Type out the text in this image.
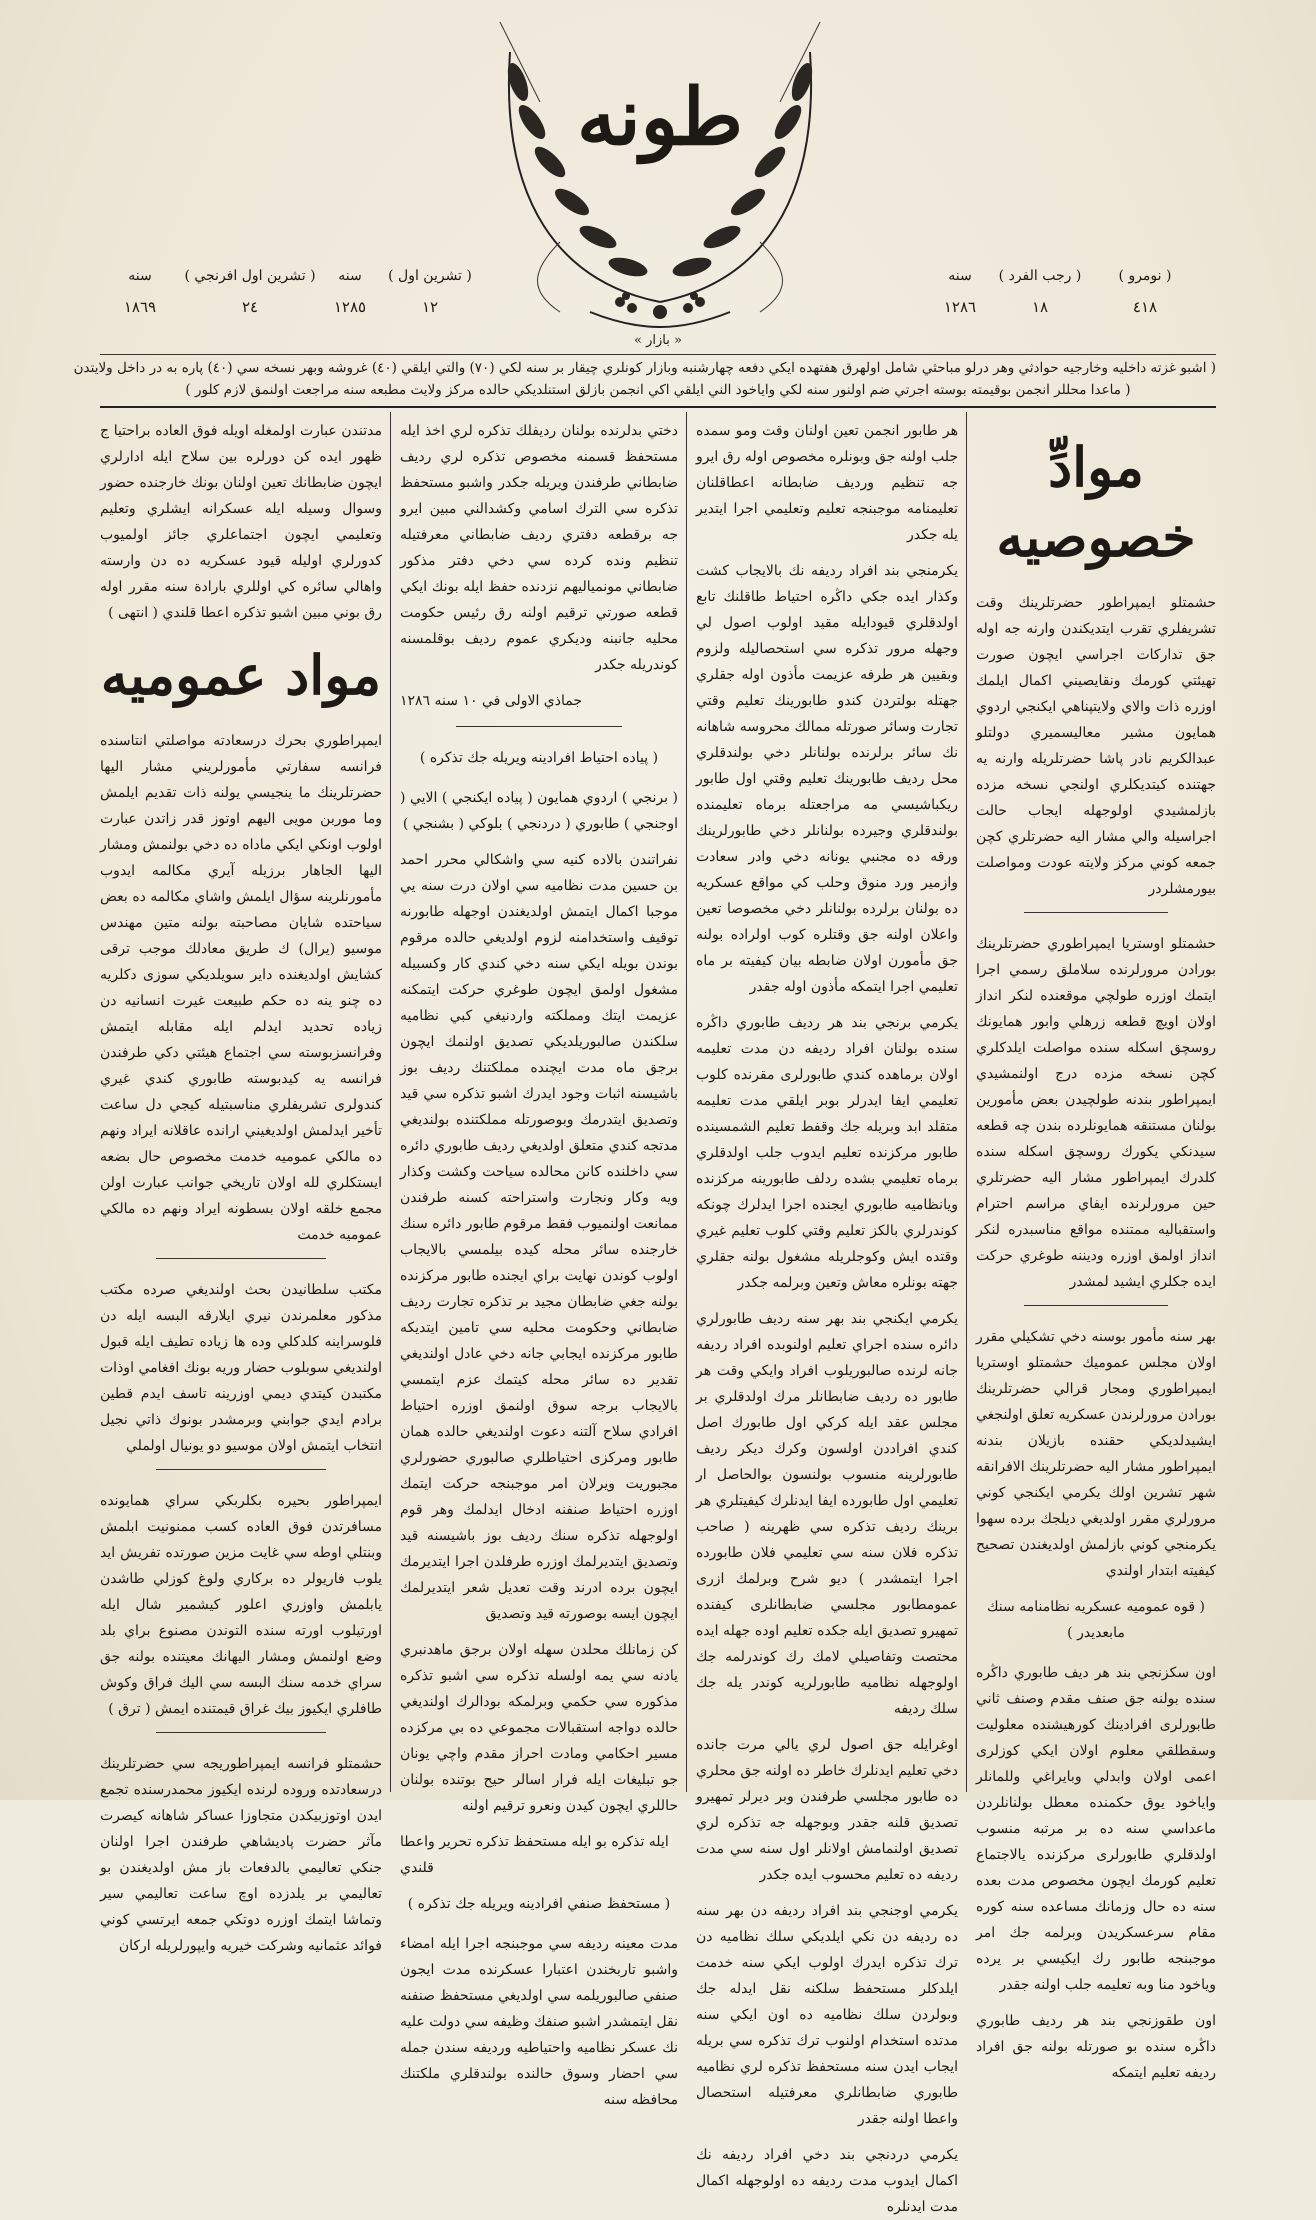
طونه
( نومرو )
٤١٨
( رجب الفرد )
١٨
سنه
١٢٨٦
( تشرين اول )
١٢
سنه
١٢٨٥
( تشرين اول افرنجي )
٢٤
سنه
١٨٦٩
« بازار »
( اشبو غزته داخليه وخارجيه حوادثي وهر درلو مباحثي شامل اولهرق هفتهده ايكي دفعه چهارشنبه وبازار كونلري چيقار بر سنه لكي (٧٠) والتي ايلقي (٤٠) غروشه وبهر نسخه سي (٤٠) پاره به در داخل ولايتدن
( ماعدا محللر انجمن بوقيمته بوسته اجرتي ضم اولنور سنه لكي واياخود الني ايلقي اكي انجمن بازلق استنلديكي حالده مركز ولايت مطبعه سنه مراجعت اولنمق لازم كلور )
موادِّ خصوصيه

حشمتلو ايمپراطور حضرتلرينك وقت تشريفلري تقرب ايتديكندن وارنه جه اوله جق تداركات اجراسي ايچون صورت تهيئتي كورمك ونقايصيني اكمال ايلمك اوزره ذات والاي ولايتپناهي ايكنجي اردوي همايون مشير معاليسميري دولتلو عبدالكريم نادر پاشا حضرتلريله وارنه يه جهتنده كيتديكلري اولنجي نسخه مزده بازلمشيدي اولوجهله ايجاب حالت اجراسيله والي مشار اليه حضرتلري كچن جمعه كوني مركز ولايته عودت ومواصلت بيورمشلردر

حشمتلو اوستريا ايمپراطوري حضرتلرينك بورادن مرورلرنده سلاملق رسمي اجرا ايتمك اوزره طولچي موقعنده لنكر انداز اولان اويچ قطعه زرهلي وابور همايونك روسچق اسكله سنده مواصلت ايلدكلري كچن نسخه مزده درج اولنمشيدي ايمپراطور بندنه طولچيدن بعض مأمورين بولنان مستنقه همايونلرده بندن چه قطعه سيدنكي يكورك روسچق اسكله سنده كلدرك ايمپراطور مشار اليه حضرتلري حين مرورلرنده ايفاي مراسم احترام واستقباليه ممتنده مواقع مناسبدره لنكر انداز اولمق اوزره وديننه طوغري حركت ايده جكلري ايشيد لمشدر

بهر سنه مأمور بوسنه دخي تشكيلي مقرر اولان مجلس عموميك حشمتلو اوستريا ايمپراطوري ومجار قرالي حضرتلرينك بورادن مرورلرندن عسكريه تعلق اولنجغي ايشيدلديكي حقنده بازيلان بندنه ايمپراطور مشار اليه حضرتلرينك الافرانقه شهر تشرين اولك يكرمي ايكنجي كوني مرورلري مقرر اولديغي ديلجك برده سهوا يكرمنجي كوني بازلمش اولديغندن تصحيح كيفيته ابتدار اولندي

( قوه عموميه عسكريه نظامنامه سنك مابعديدر )

اون سكزنجي بند هر ديف طابوري داڭره سنده بولنه جق صنف مقدم وصنف ثاني طابورلرى افرادينك كورهيشنده معلوليت وسقطلقي معلوم اولان ايكي كوزلرى اعمى اولان وابدلي وبايراغي وللمانلر واياخود يوق حكمنده معطل بولنانلردن ماعداسي سنه ده بر مرتبه منسوب اولدقلري طابورلرى مركزنده يالاجتماع تعليم كورمك ايچون مخصوص مدت بعده سنه ده حال وزمانك مساعده سنه كوره مقام سرعسكريدن وبرلمه جك امر موجبنجه طابور رك ايكيسي بر يرده وياخود منا وبه تعليمه جلب اولنه جقدر

اون طقوزنجي بند هر رديف طابوري داڭره سنده بو صورتله بولنه جق افراد رديفه تعليم ايتمكه

هر طابور انجمن تعين اولنان وقت ومو سمده جلب اولنه جق وبونلره مخصوص اوله رق ايرو جه تنظيم ورديف ضابطانه اعطاقلنان تعليمنامه موجبنجه تعليم وتعليمي اجرا ايتدير يله جكدر

يكرمنجي بند افراد رديفه نك بالايجاب كشت وكذار ايده جكي داڭره احتياط طاقلنك تابع اولدقلري قيودايله مقيد اولوب اصول لي وجهله مرور تذكره سي استحصاليله ولزوم وبقيين هر طرفه عزيمت مأذون اوله جقلري جهتله بولتردن كندو طابورينك تعليم وقتي تجارت وسائر صورتله ممالك محروسه شاهانه نك سائر برلرنده بولنانلر دخي بولندقلري محل رديف طابورينك تعليم وقتي اول طابور ريكباشيسي مه مراجعتله برماه تعليمنده بولندقلري وجيرده بولنانلر دخي طابورلرينك ورقه ده مجنبي يونانه دخي وادر سعادت وازمير ورد منوق وحلب كي مواقع عسكريه ده بولنان برلرده بولنانلر دخي مخصوصا تعين واعلان اولنه جق وقتلره كوب اولراده بولنه جق مأمورن اولان ضابطه بيان كيفيته بر ماه تعليمي اجرا ايتمكه مأذون اوله جقدر

يكرمي برنجي بند هر رديف طابوري داڭره سنده بولنان افراد رديفه دن مدت تعليمه اولان برماهده كندي طابورلرى مقرنده كلوب تعليمي ايفا ايدرلر بوبر ايلقي مدت تعليمه متقلد ابد وبريله جك وقفط تعليم الشمسينده طابور مركزنده تعليم ايدوب جلب اولدقلري برماه تعليمي بشده ردلف طابورينه مركزنده ويانظاميه طابوري ايجنده اجرا ايدلرك چونكه كوندرلري بالكز تعليم وقتي كلوب تعليم غيري وقتده ايش وكوجلريله مشغول بولنه جقلري جهته بونلره معاش وتعين وبرلمه جكدر

يكرمي ايكنجي بند بهر سنه رديف طابورلري دائره سنده اجراي تعليم اولنوبده افراد رديفه جانه لرنده صالبوريلوب افراد وايكي وقت هر طابور ده رديف ضابطانلر مرك اولدقلري بر مجلس عقد ايله كركي اول طابورك اصل كندي افراددن اولسون وكرك ديكر رديف طابورلرينه منسوب بولنسون بوالحاصل ار تعليمي اول طابورده ايفا ايدنلرك كيفيتلري هر برينك رديف تذكره سي ظهرينه ( صاحب تذكره فلان سنه سي تعليمي فلان طابورده اجرا ايتمشدر ) ديو شرح وبرلمك ازرى عمومطابور مجلسي ضابطانلرى كيفنده تمهيرو تصديق ايله جكده تعليم اوده جهله ايده محتصت وتفاصيلي لامك رك كوندرلمه جك اولوجهله نظاميه طابورلريه كوندر يله جك سلك رديفه

اوغرايله جق اصول لري يالي مرت جانده دخي تعليم ايدنلرك خاطر ده اولنه جق محلري ده طابور مجلسي طرفندن وبر ديرلر تمهيرو تصديق قلنه جقدر وبوجهله جه تذكره لري تصديق اولنمامش اولانلر اول سنه سي مدت رديفه ده تعليم محسوب ايده جكدر

يكرمي اوجنجي بند افراد رديفه دن بهر سنه ده رديفه دن نكي ايلديكي سلك نظاميه دن ترك تذكره ايدرك اولوب ايكي سنه خدمت ايلدكلر مستحفظ سلكنه نقل ايدله جك وبولردن سلك نظاميه ده اون ايكي سنه مدتده استخدام اولنوب ترك تذكره سي بريله ايجاب ايدن سنه مستحفظ تذكره لري نظاميه طابوري ضابطانلري معرفتيله استحصال واعطا اولنه جقدر

يكرمي دردنجي بند دخي افراد رديفه نك اكمال ايدوب مدت رديفه ده اولوجهله اكمال مدت ايدنلره

دختي بدلرنده بولنان رديفلك تذكره لري اخذ ايله مستحفظ قسمنه مخصوص تذكره لري رديف ضابطاني طرفندن ويريله جكدر واشبو مستحفظ تذكره سي الترك اسامي وكشدالني مبين ايرو جه برقطعه دفتري رديف ضابطاني معرفتيله تنظيم ونده كرده سي دخي دفتر مذكور ضابطاني مونمياليهم نزدنده حفظ ايله بونك ايكي قطعه صورتي ترقيم اولنه رق رئيس حكومت محليه جانبنه وديكري عموم رديف بوقلمسنه كوندريله جكدر

جماذي الاولى في ١٠ سنه ١٢٨٦
( پياده احتياط افرادينه ويريله جك تذكره )

( برنجي ) اردوي همايون ( پياده ايكنجي ) الايي ( اوجنجي ) طابوري ( دردنجي ) بلوكي ( بشنجي )

نفراتندن بالاده كنيه سي واشكالي محرر احمد بن حسين مدت نظاميه سي اولان درت سنه يي موجبا اكمال ايتمش اولديغندن اوجهله طابورنه توقيف واستخدامنه لزوم اولديغي حالده مرقوم بوندن بويله ايكي سنه دخي كندي كار وكسبيله مشغول اولمق ايچون طوغري حركت ايتمكنه عزيمت ايتك ومملكته واردنيغي كبي نظاميه سلكندن صالبوريلديكي تصديق اولنمك ايچون برجق ماه مدت ايچنده مملكتنك رديف بوز باشيسنه اثبات وجود ايدرك اشبو تذكره سي قيد وتصديق ايتدرمك وبوصورتله مملكتنده بولنديغي مدتجه كندي متعلق اولديغي رديف طابوري دائره سي داخلنده كانن محالده سياحت وكشت وكذار ويه وكار ونجارت واستراحته كسنه طرفندن ممانعت اولنميوب فقط مرقوم طابور دائره سنك خارجنده سائر محله كيده بيلمسي بالايجاب اولوب كوندن نهايت براي ايجنده طابور مركزنده بولنه جغي ضابطان مجيد بر تذكره تجارت رديف ضابطاني وحكومت محليه سي تامين ايتديكه طابور مركزنده ايجابي جانه دخي عادل اولنديغي تقدير ده سائر محله كيتمك عزم ايتمسي بالايجاب برجه سوق اولنمق اوزره احتياط افرادي سلاح آلتنه دعوت اولنديغي حالده همان طابور ومركزى احتياطلري صالبوري حضورلري مجبوريت ويرلان امر موجبنجه حركت ايتمك اوزره احتياط صنفنه ادخال ايدلمك وهر قوم اولوجهله تذكره سنك رديف بوز باشيسنه قيد وتصديق ايتديرلمك اوزره طرفلدن اجرا ايتديرمك ايچون برده ادرند وقت تعديل شعر ايتديرلمك ايچون ايسه بوصورته قيد وتصديق

كن زمانلك محلدن سهله اولان برجق ماهدنبري يادنه سي يمه اولسله تذكره سي اشبو تذكره مذكوره سي حكمي وبرلمكه بودالرك اولنديغي حالده دواجه استقبالات مجموعي ده بي مرکزده مسير احكامي ومادت احراز مقدم واچي يونان جو تبليغات ايله فرار اسالر حيح بوتنده بولنان حاللري ايچون كيدن ونعرو ترقيم اولنه

ايله تذكره بو ايله مستحفظ تذكره تحرير واعطا قلندي

( مستحفظ صنفي افرادينه ويريله جك تذكره )

مدت معينه رديفه سي موجبنجه اجرا ايله امضاء واشبو تاربخندن اعتبارا عسكرنده مدت ايجون صنفي صالبوريلمه سي اولديغي مستحفظ صنفنه نقل ايتمشدر اشبو صنفك وظيفه سي دولت عليه نك عسكر نظاميه واحتياطيه ورديفه سندن جمله سي احضار وسوق حالنده بولندقلري ملكتنك محافظه سنه

مدتندن عبارت اولمغله اويله فوق العاده براحتيا ج ظهور ايده كن دورلره بين سلاح ايله ادارلري ايچون ضابطانك تعين اولنان بونك خارجنده حضور وسوال وسيله ايله عسكرانه ايشلري وتعليم وتعليمي ايچون اجتماعلري جائز اولميوب كدورلري اوليله قيود عسكريه ده دن وارسته واهالي سائره كي اوللري بارادة سنه مقرر اوله رق بوني مبين اشبو تذكره اعطا قلندي ( انتهى )

مواد عموميه

ايمپراطوري بحرك درسعادته مواصلتي انتاسنده فرانسه سفارتي مأمورلريني مشار اليها حضرتلرينك ما ينجيسي يولنه ذات تقديم ايلمش وما موربن مويى اليهم اوتوز قدر زاتدن عبارت اولوب اونكي ايكي ماداه ده دخي بولنمش ومشار اليها الجاهار برزيله آيري مكالمه ايدوب مأمورنلرينه سؤال ايلمش واشاي مكالمه ده بعض سياحتده شايان مصاحبته بولنه متين مهندس موسيو (يرال) ك طريق معادلك موجب ترقى كشايش اولديغنده داير سويلديكي سوزى دكلريه ده چنو ينه ده حكم طبيعت غيرت انسانيه دن زياده تحديد ايدلم ايله مقابله ايتمش وفرانسزبوسته سي اجتماع هيئتي دكي طرفندن فرانسه يه كيدبوسته طابوري كندي غيري كندولرى تشريفلري مناسبتيله كيجي دل ساعت تأخير ايدلمش اولديغيني ارانده عاقلانه ايراد ونهم ده مالكي عموميه خدمت مخصوص حال بضعه ايستكلري لله اولان تاريخي جوانب عبارت اولن مجمع خلقه اولان بسطونه ايراد ونهم ده مالكي عموميه خدمت

مكتب سلطانيدن بحث اولنديغي صرده مكتب مذكور معلمرندن نيري ايلارقه البسه ايله دن فلوسراينه كلدكلي وده ها زياده تطيف ايله قبول اولنديغي سوبلوب حضار وريه بونك افغامي اوذات مكتبدن كيتدي ديمي اوزرينه تاسف ايدم قطين برادم ايدي جوابني وبرمشدر بونوك ذاتي نجيل انتخاب ايتمش اولان موسيو دو يونيال اولملي

ايمپراطور بحيره بكلربكي سراي همايونده مسافرتدن فوق العاده كسب ممنونيت ابلمش وبنتلي اوطه سي غايت مزين صورتده تفريش ايد يلوب فاريولر ده بركاري ولوغ كوزلي طاشدن يابلمش واوزري اعلور كيشمير شال ايله اورتيلوب اورته سنده التوندن مصنوع براي بلد وضع اولنمش ومشار اليهانك معيتنده بولنه جق سراي خدمه سنك البسه سي اليك فراق وكوش طافلري ايكيوز بيك غراق قيمتنده ايمش ( ترق )

حشمتلو فرانسه ايمپراطوريجه سي حضرتلرينك درسعادتده وروده لرنده ايكيوز محمدرسنده تجمع ايدن اوتوزبيكدن متجاوزا عساكر شاهانه كيصرت مآثر حضرت پاديشاهي طرفندن اجرا اولنان جنكي تعاليمي بالدفعات باز مش اولديغندن بو تعاليمي بر يلدزده اوچ ساعت تعاليمي سير وتماشا ايتمك اوزره دوتكي جمعه ايرتسي كوني فوائد عثمانيه وشركت خيريه وايپورلريله اركان
